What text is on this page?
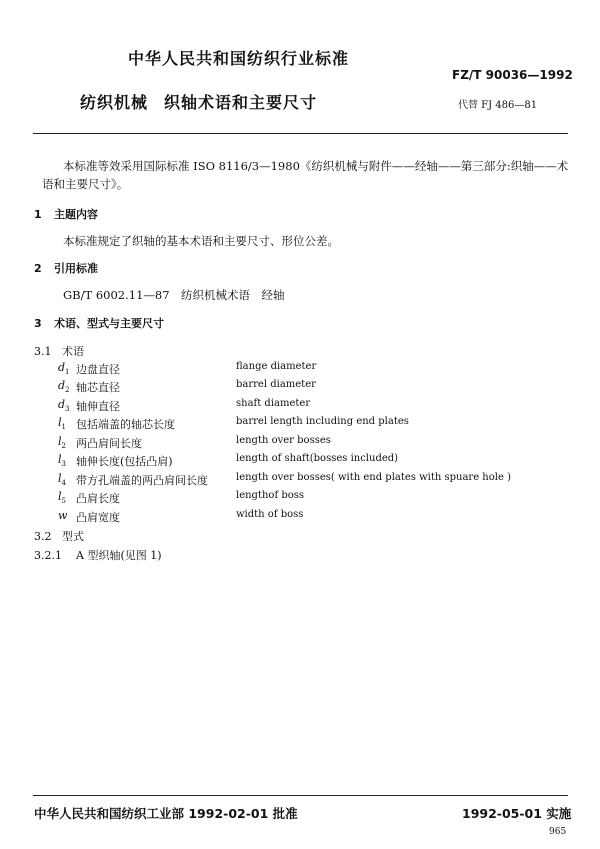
中华人民共和国纺织行业标准
FZ/T 90036—1992
纺织机械 织轴术语和主要尺寸	代替 FJ 486—81
本标准等效采用国际标准 ISO 8116/3—1980《纺织机械与附件——经轴——第三部分:织轴——术语和主要尺寸》。
1 主题内容
本标准规定了织轴的基本术语和主要尺寸、形位公差。
2 引用标准
GB/T 6002.11—87　 纺织机械术语　经轴
3 术语、型式与主要尺寸
3.1 术语
$d_1$ 边盘直径	flange diameter
$d_2$ 轴芯直径	barrel diameter
$d_3$ 轴伸直径	shaft diameter
$l_1$ 包括端盖的轴芯长度	barrel length including end plates
$l_2$ 两凸肩间长度	length over bosses
$l_3$ 轴伸长度(包括凸肩)	length of shaft(bosses included)
$l_4$ 带方孔端盖的两凸肩间长度	length over bosses( with end plates with spuare hole )
$l_5$ 凸肩长度	lengthof boss
w 凸肩宽度	width of boss
3.2 型式
3.2.1 A 型织轴(见图 1)
中华人民共和国纺织工业部 1992-02-01 批准	1992-05-01 实施
965
